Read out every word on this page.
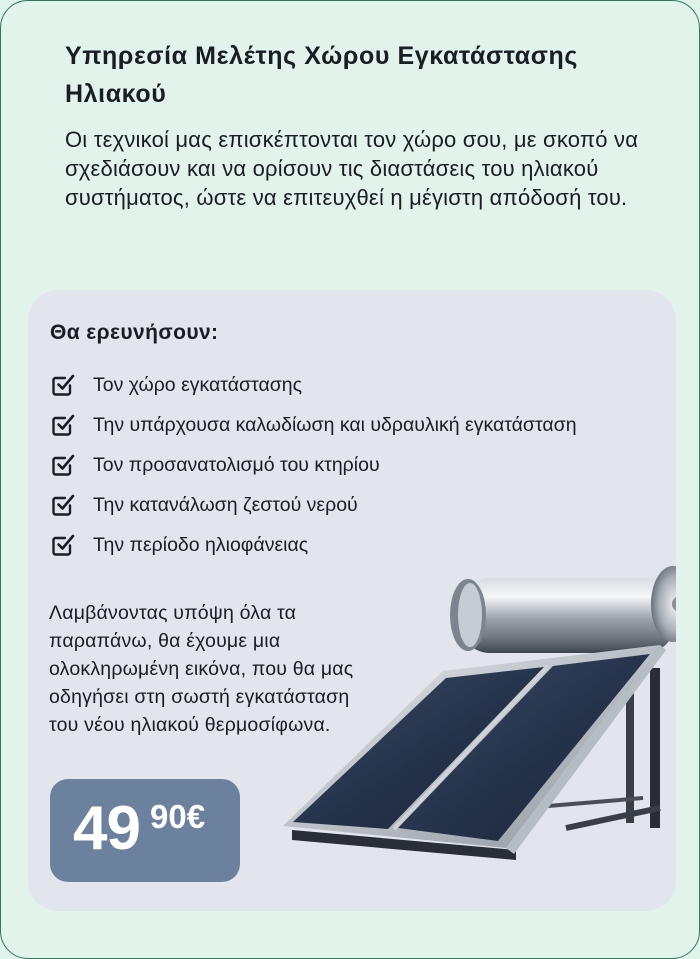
Υπηρεσία Μελέτης Χώρου Εγκατάστασης Ηλιακού

Οι τεχνικοί μας επισκέπτονται τον χώρο σου, με σκοπό να σχεδιάσουν και να ορίσουν τις διαστάσεις του ηλιακού συστήματος, ώστε να επιτευχθεί η μέγιστη απόδοσή του.

Θα ερευνήσουν:
Τον χώρο εγκατάστασης
Την υπάρχουσα καλωδίωση και υδραυλική εγκατάσταση
Τον προσανατολισμό του κτηρίου
Την κατανάλωση ζεστού νερού
Την περίοδο ηλιοφάνειας

Λαμβάνοντας υπόψη όλα τα παραπάνω, θα έχουμε μια ολοκληρωμένη εικόνα, που θα μας οδηγήσει στη σωστή εγκατάσταση του νέου ηλιακού θερμοσίφωνα.

49 90€
